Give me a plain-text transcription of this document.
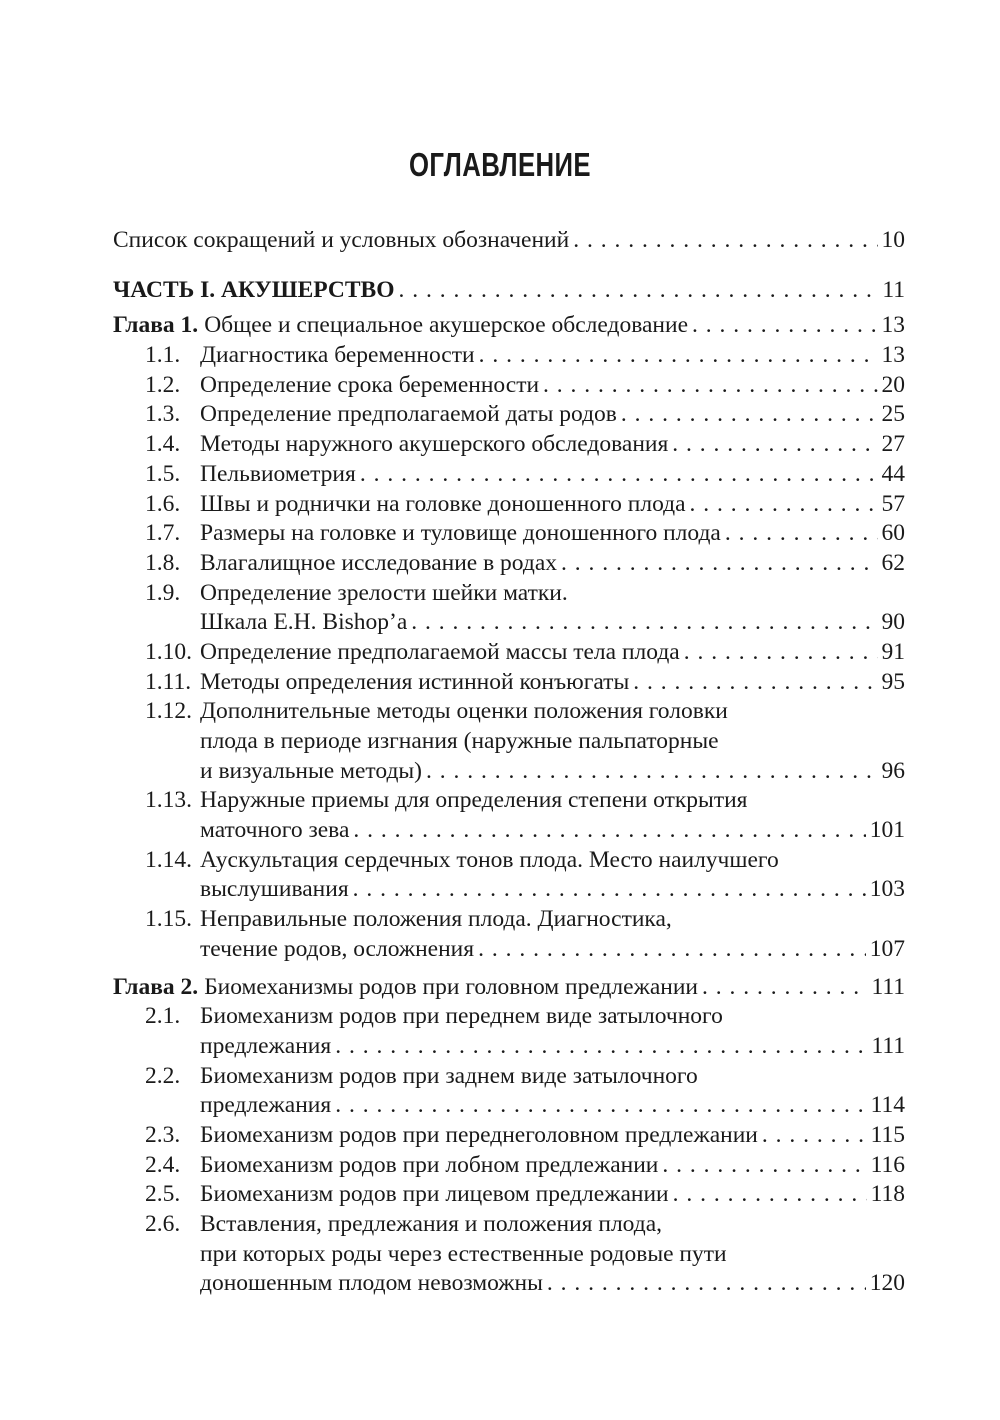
ОГЛАВЛЕНИЕ
Список сокращений и условных обозначений . . .	10
ЧАСТЬ I. АКУШЕРСТВО . . .	11
Глава 1. Общее и специальное акушерское обследование . . .	13
1.1. Диагностика беременности . . .	13
1.2. Определение срока беременности . . .	20
1.3. Определение предполагаемой даты родов . . .	25
1.4. Методы наружного акушерского обследования . . .	27
1.5. Пельвиометрия . . .	44
1.6. Швы и роднички на головке доношенного плода . . .	57
1.7. Размеры на головке и туловище доношенного плода . . .	60
1.8. Влагалищное исследование в родах . . .	62
1.9. Определение зрелости шейки матки.
Шкала Е.Н. Bishop’а . . .	90
1.10. Определение предполагаемой массы тела плода . . .	91
1.11. Методы определения истинной конъюгаты . . .	95
1.12. Дополнительные методы оценки положения головки
плода в периоде изгнания (наружные пальпаторные
и визуальные методы) . . .	96
1.13. Наружные приемы для определения степени открытия
маточного зева . . .	101
1.14. Аускультация сердечных тонов плода. Место наилучшего
выслушивания . . .	103
1.15. Неправильные положения плода. Диагностика,
течение родов, осложнения . . .	107
Глава 2. Биомеханизмы родов при головном предлежании . . .	111
2.1. Биомеханизм родов при переднем виде затылочного
предлежания . . .	111
2.2. Биомеханизм родов при заднем виде затылочного
предлежания . . .	114
2.3. Биомеханизм родов при переднеголовном предлежании . . .	115
2.4. Биомеханизм родов при лобном предлежании . . .	116
2.5. Биомеханизм родов при лицевом предлежании . . .	118
2.6. Вставления, предлежания и положения плода,
при которых роды через естественные родовые пути
доношенным плодом невозможны . . .	120
